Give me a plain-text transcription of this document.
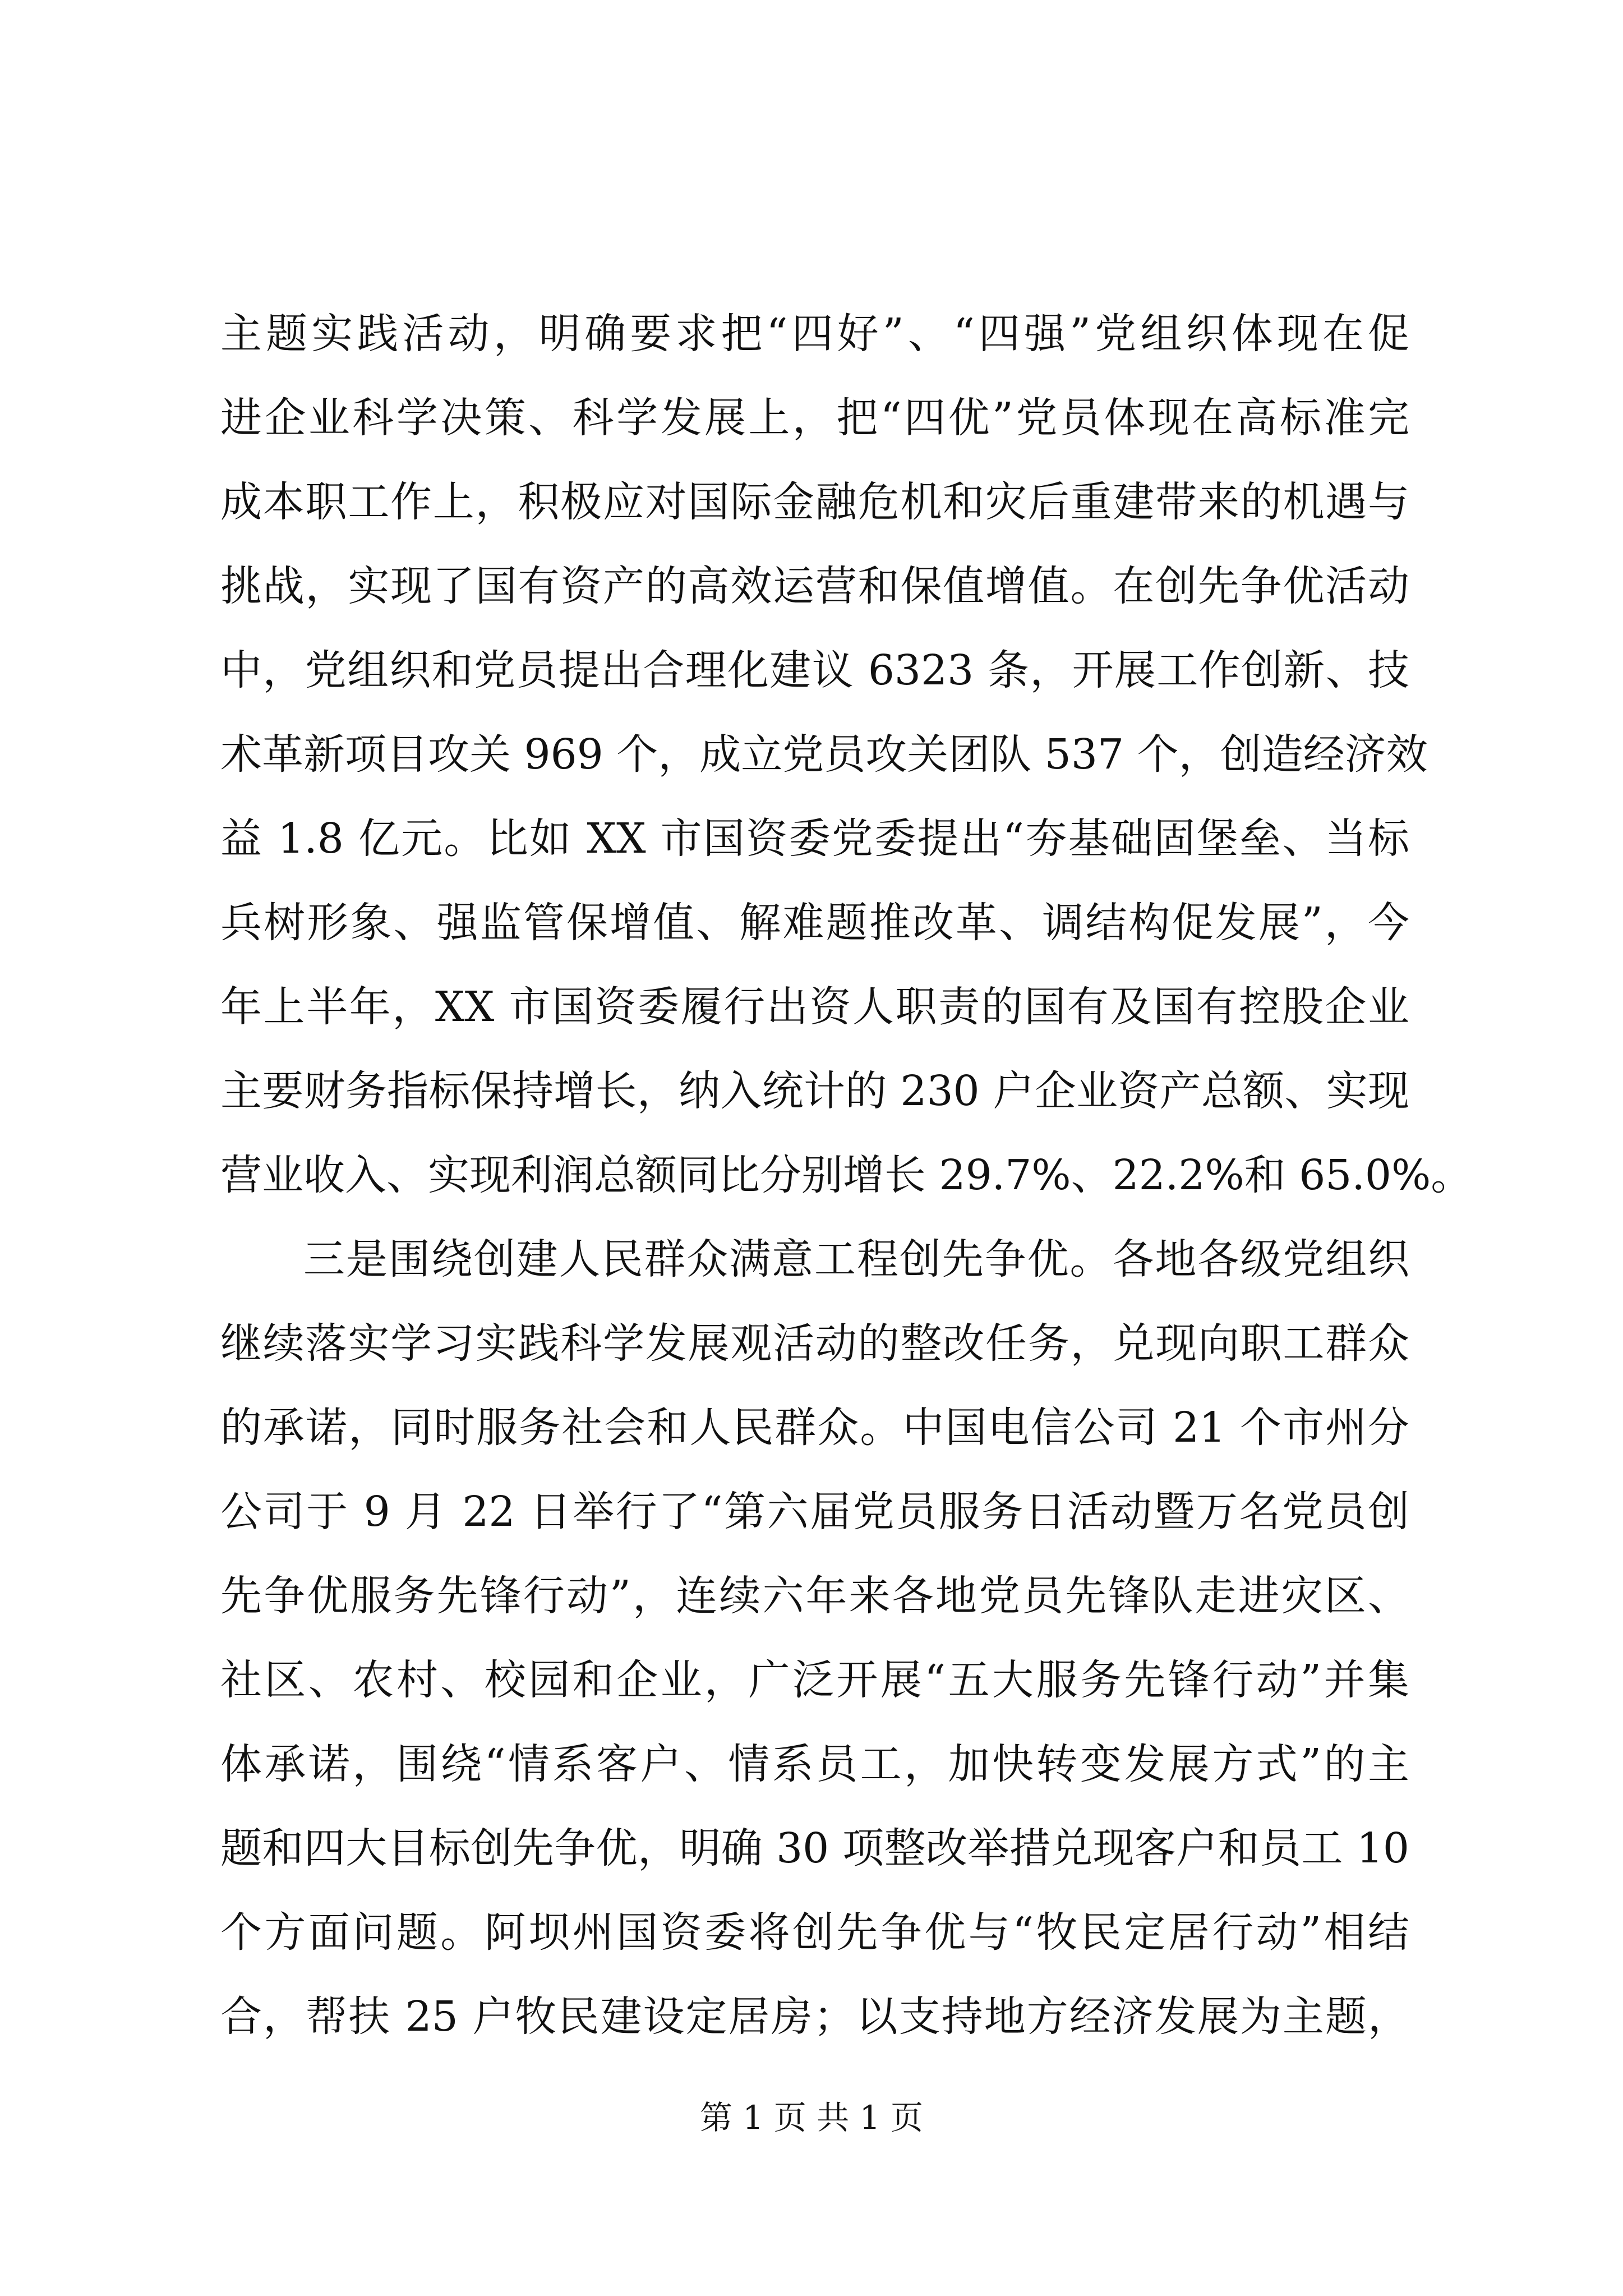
主题实践活动，明确要求把“四好”、“四强”党组织体现在促
进企业科学决策、科学发展上，把“四优”党员体现在高标准完
成本职工作上，积极应对国际金融危机和灾后重建带来的机遇与
挑战，实现了国有资产的高效运营和保值增值。在创先争优活动
中，党组织和党员提出合理化建议 6323 条，开展工作创新、技
术革新项目攻关 969 个，成立党员攻关团队 537 个，创造经济效
益 1.8 亿元。比如 XX 市国资委党委提出“夯基础固堡垒、当标
兵树形象、强监管保增值、解难题推改革、调结构促发展”，今
年上半年，XX 市国资委履行出资人职责的国有及国有控股企业
主要财务指标保持增长，纳入统计的 230 户企业资产总额、实现
营业收入、实现利润总额同比分别增长 29.7%、22.2%和 65.0%。
三是围绕创建人民群众满意工程创先争优。各地各级党组织
继续落实学习实践科学发展观活动的整改任务，兑现向职工群众
的承诺，同时服务社会和人民群众。中国电信公司 21 个市州分
公司于 9 月 22 日举行了“第六届党员服务日活动暨万名党员创
先争优服务先锋行动”，连续六年来各地党员先锋队走进灾区、
社区、农村、校园和企业，广泛开展“五大服务先锋行动”并集
体承诺，围绕“情系客户、情系员工，加快转变发展方式”的主
题和四大目标创先争优，明确 30 项整改举措兑现客户和员工 10
个方面问题。阿坝州国资委将创先争优与“牧民定居行动”相结
合，帮扶 25 户牧民建设定居房；以支持地方经济发展为主题，
第 1 页 共 1 页
